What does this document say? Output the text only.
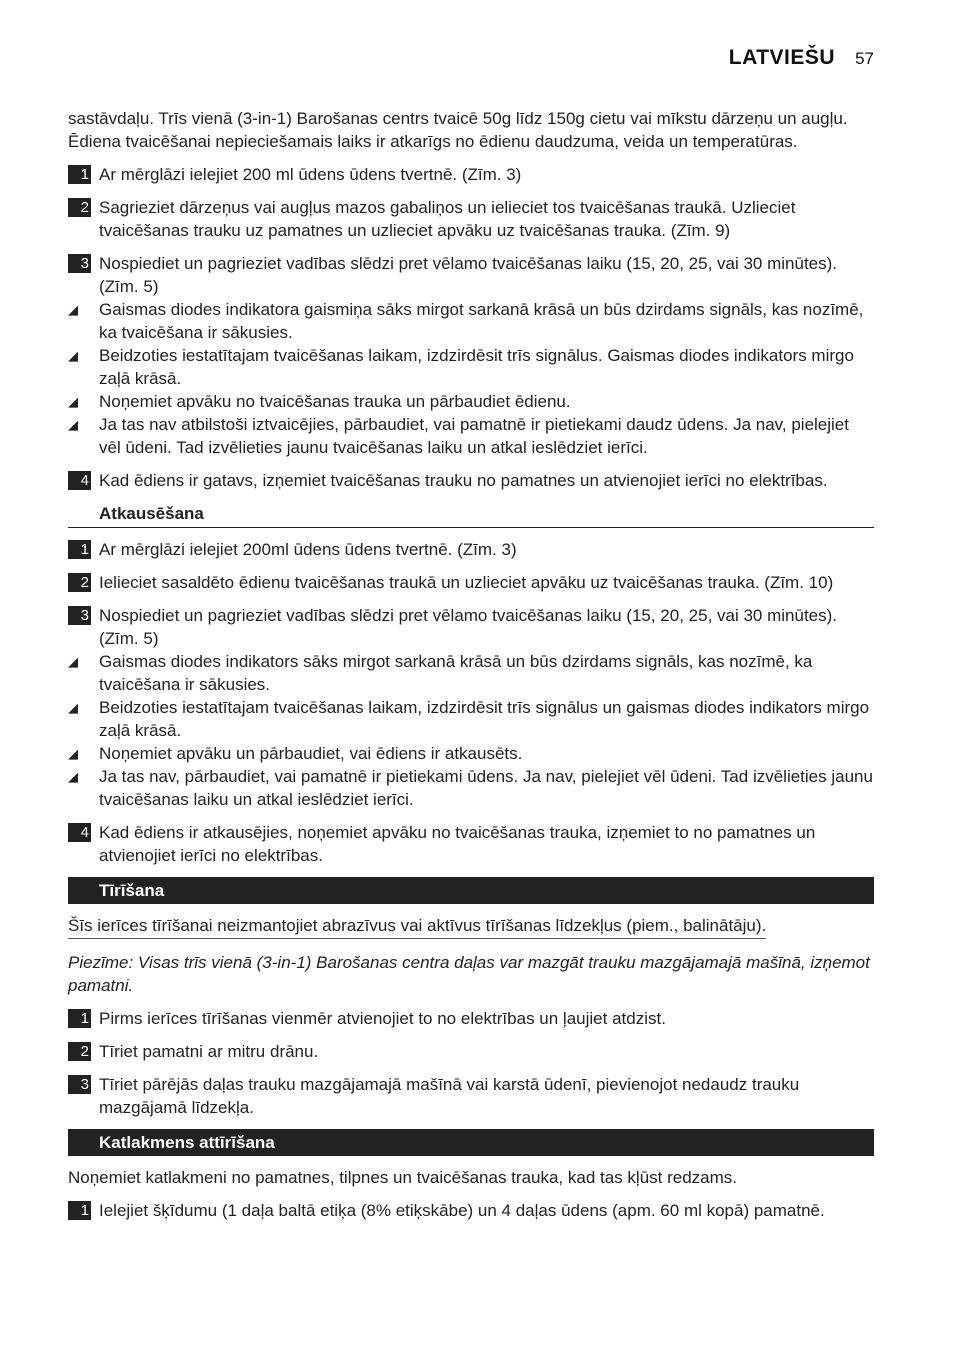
LATVIEŠU 57

sastāvdaļu. Trīs vienā (3-in-1) Barošanas centrs tvaicē 50g līdz 150g cietu vai mīkstu dārzeņu un augļu. Ēdiena tvaicēšanai nepieciešamais laiks ir atkarīgs no ēdienu daudzuma, veida un temperatūras.

1 Ar mērglāzi ielejiet 200 ml ūdens ūdens tvertnē. (Zīm. 3)
2 Sagrieziet dārzeņus vai augļus mazos gabaliņos un ielieciet tos tvaicēšanas traukā. Uzlieciet tvaicēšanas trauku uz pamatnes un uzlieciet apvāku uz tvaicēšanas trauka. (Zīm. 9)
3 Nospiediet un pagrieziet vadības slēdzi pret vēlamo tvaicēšanas laiku (15, 20, 25, vai 30 minūtes). (Zīm. 5)
◢	Gaismas diodes indikatora gaismiņa sāks mirgot sarkanā krāsā un būs dzirdams signāls, kas nozīmē, ka tvaicēšana ir sākusies.
◢	Beidzoties iestatītajam tvaicēšanas laikam, izdzirdēsit trīs signālus. Gaismas diodes indikators mirgo zaļā krāsā.
◢	Noņemiet apvāku no tvaicēšanas trauka un pārbaudiet ēdienu.
◢	Ja tas nav atbilstoši iztvaicējies, pārbaudiet, vai pamatnē ir pietiekami daudz ūdens. Ja nav, pielejiet vēl ūdeni. Tad izvēlieties jaunu tvaicēšanas laiku un atkal ieslēdziet ierīci.
4 Kad ēdiens ir gatavs, izņemiet tvaicēšanas trauku no pamatnes un atvienojiet ierīci no elektrības.
Atkausēšana
1 Ar mērglāzi ielejiet 200ml ūdens ūdens tvertnē. (Zīm. 3)
2 Ielieciet sasaldēto ēdienu tvaicēšanas traukā un uzlieciet apvāku uz tvaicēšanas trauka. (Zīm. 10)
3 Nospiediet un pagrieziet vadības slēdzi pret vēlamo tvaicēšanas laiku (15, 20, 25, vai 30 minūtes). (Zīm. 5)
◢	Gaismas diodes indikators sāks mirgot sarkanā krāsā un būs dzirdams signāls, kas nozīmē, ka tvaicēšana ir sākusies.
◢	Beidzoties iestatītajam tvaicēšanas laikam, izdzirdēsit trīs signālus un gaismas diodes indikators mirgo zaļā krāsā.
◢	Noņemiet apvāku un pārbaudiet, vai ēdiens ir atkausēts.
◢	Ja tas nav, pārbaudiet, vai pamatnē ir pietiekami ūdens. Ja nav, pielejiet vēl ūdeni. Tad izvēlieties jaunu tvaicēšanas laiku un atkal ieslēdziet ierīci.
4 Kad ēdiens ir atkausējies, noņemiet apvāku no tvaicēšanas trauka, izņemiet to no pamatnes un atvienojiet ierīci no elektrības.
Tīrīšana
Šīs ierīces tīrīšanai neizmantojiet abrazīvus vai aktīvus tīrīšanas līdzekļus (piem., balinātāju).

Piezīme: Visas trīs vienā (3-in-1) Barošanas centra daļas var mazgāt trauku mazgājamajā mašīnā, izņemot pamatni.

1 Pirms ierīces tīrīšanas vienmēr atvienojiet to no elektrības un ļaujiet atdzist.
2 Tīriet pamatni ar mitru drānu.
3 Tīriet pārējās daļas trauku mazgājamajā mašīnā vai karstā ūdenī, pievienojot nedaudz trauku mazgājamā līdzekļa.
Katlakmens attīrīšana

Noņemiet katlakmeni no pamatnes, tilpnes un tvaicēšanas trauka, kad tas kļūst redzams.

1 Ielejiet šķīdumu (1 daļa baltā etiķa (8% etiķskābe) un 4 daļas ūdens (apm. 60 ml kopā) pamatnē.
